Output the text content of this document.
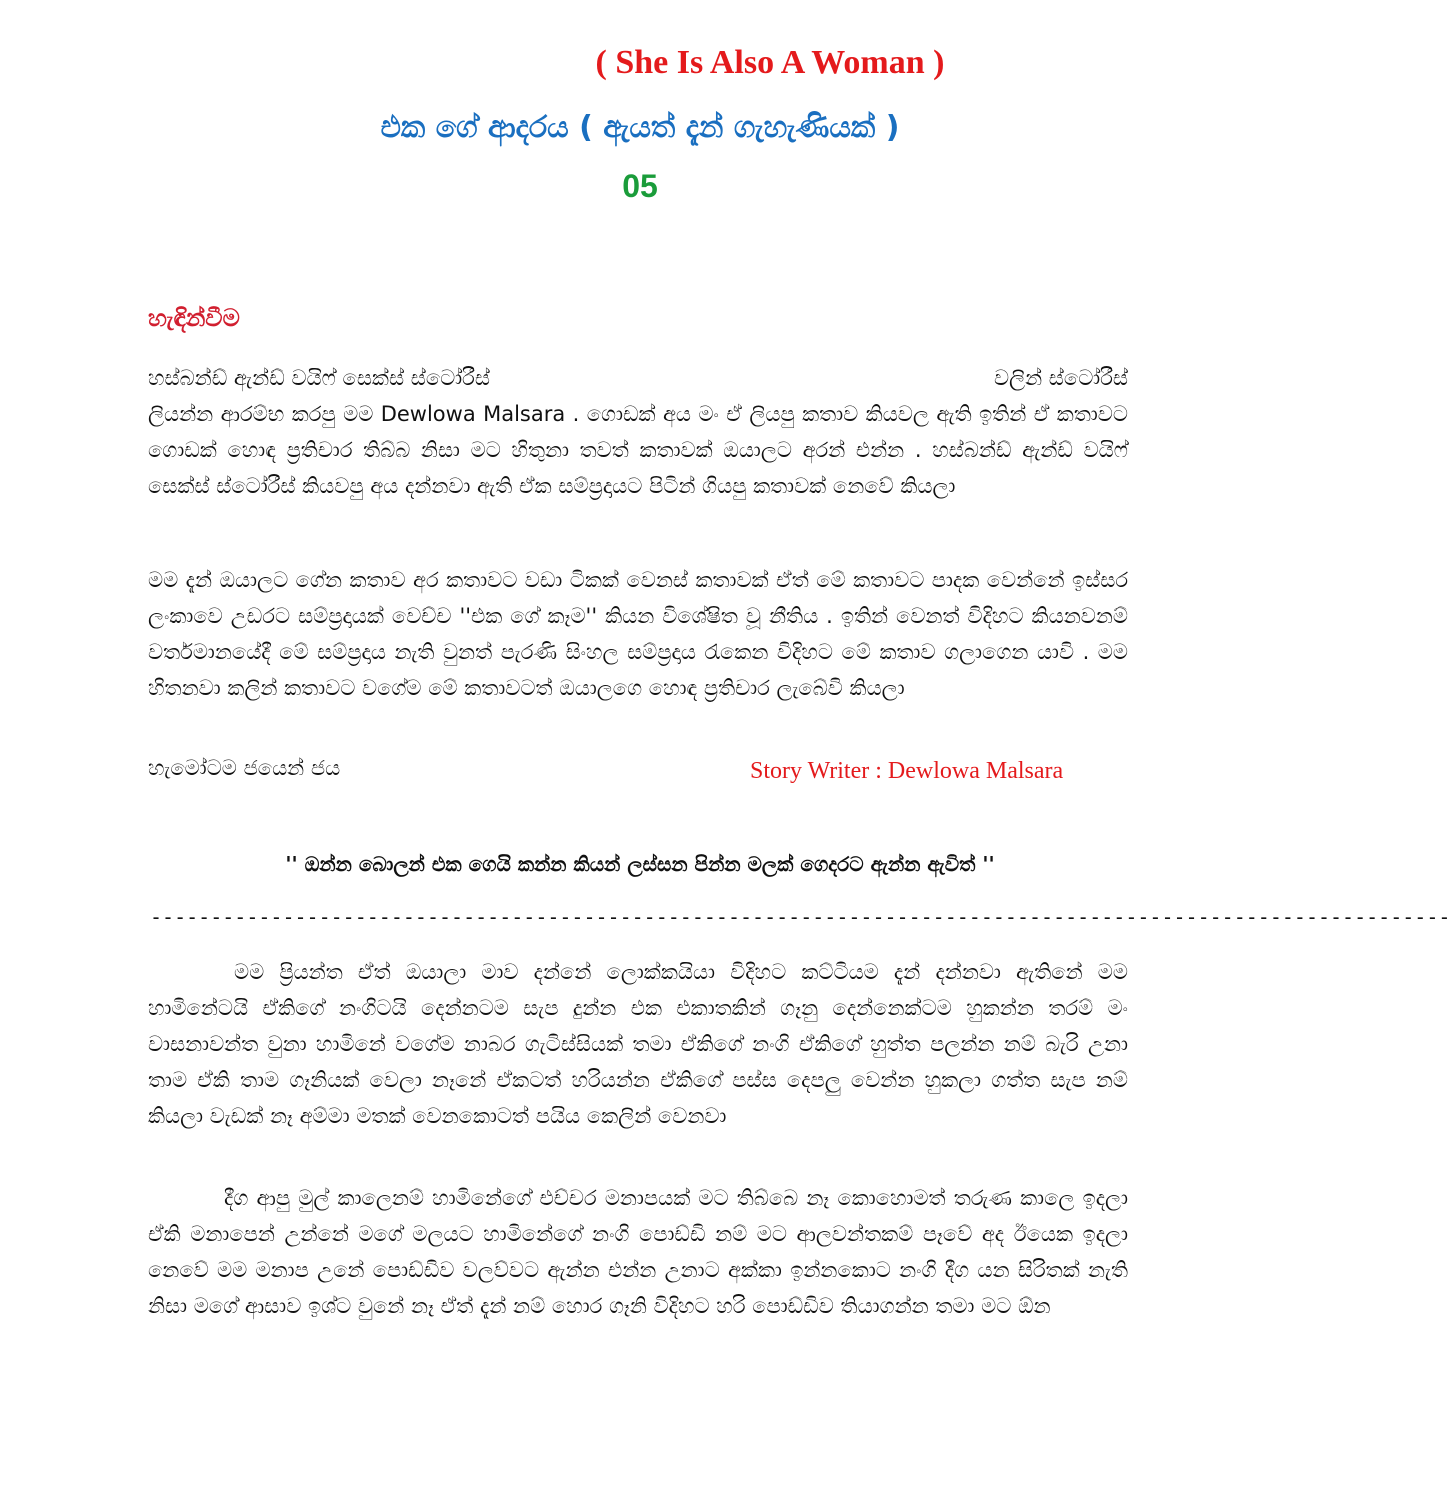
( She Is Also A Woman )
එක ගේ ආදරය ( ඇයත් දැන් ගැහැණියක් )
05
හැඳින්වීම
හස්බන්ඩ් ඇන්ඩ් වයිෆ් සෙක්ස් ස්ටෝරීස්	වලින් ස්ටෝරීස්
ලියන්න ආරම්භ කරපු මම Dewlowa Malsara . ගොඩක් අය මං ඒ ලියපු කතාව කියවල ඇති ඉතින් ඒ කතාවට ගොඩක් හොඳ ප්‍රතිචාර තිබ්බ නිසා මට හිතුනා තවත් කතාවක් ඔයාලට අරන් එන්න . හස්බන්ඩ් ඇන්ඩ් වයිෆ් සෙක්ස් ස්ටෝරීස් කියවපු අය දන්නවා ඇති ඒක සම්ප්‍රදායට පිටින් ගියපු කතාවක් නෙවේ කියලා
මම දැන් ඔයාලට ගේන කතාව අර කතාවට වඩා ටිකක් වෙනස් කතාවක් ඒත් මේ කතාවට පාදක වෙන්නේ ඉස්සර ලංකාවෙ උඩරට සම්ප්‍රදායක් වෙච්ච ''එක ගේ කෑම'' කියන විශේෂිත වූ නීතිය . ඉතින් වෙනත් විදිහට කියනවනම් වර්තමානයේදී මේ සම්ප්‍රදාය නැති වුනත් පැරණි සිංහල සම්ප්‍රදාය රැකෙන විදිහට මේ කතාව ගලාගෙන යාවි . මම හිතනවා කලින් කතාවට වගේම මේ කතාවටත් ඔයාලගෙ හොඳ ප්‍රතිචාර ලැබේවි කියලා
හැමෝටම ජයෙන් ජය	Story Writer : Dewlowa Malsara
'' ඔන්න බොලන් එක ගෙයි කන්න කියන් ලස්සන පින්න මලක් ගෙදරට ඇන්න ඇවිත් ''
------------------------------------------------------------------------------------------------------------
මම ප්‍රියන්ත ඒත් ඔයාලා මාව දන්නේ ලොක්කයියා විදිහට කට්ටියම දැන් දන්නවා ඇතිනේ මම හාමිනේටයි ඒකිගේ නංගිටයි දෙන්නටම සැප දුන්න එක එකාතකින් ගෑනු දෙන්නෙක්ටම හුකන්න තරම් මං වාසනාවන්ත වුනා හාමිනේ වගේම නාබර ගැටිස්සියක් තමා ඒකිගේ නංගි ඒකිගේ හුත්ත පලන්න නම් බැරි උනා තාම ඒකි තාම ගෑනියක් වෙලා නෑනේ ඒකටත් හරියන්න ඒකිගේ පස්ස දෙපලු වෙන්න හුකලා ගත්ත සැප නම් කියලා වැඩක් නෑ අම්මා මතක් වෙනකොටත් පයිය කෙලින් වෙනවා
දීග ආපු මුල් කාලෙනම් හාමිනේගේ එච්චර මනාපයක් මට තිබ්බෙ නෑ කොහොමත් තරුණ කාලෙ ඉදලා ඒකි මනාපෙන් උන්නේ මගේ මලයට හාමිනේගේ නංගි පොඩ්ඩි නම් මට ආලවන්තකම් පෑවේ අද ඊයෙක ඉදලා නෙවේ මම මනාප උනේ පොඩ්ඩිව වලව්වට ඇන්න එන්න උනාට අක්කා ඉන්නකොට නංගි දීග යන සිරිතක් නැති නිසා මගේ ආසාව ඉශ්ට වුනේ නෑ ඒත් දැන් නම් හොර ගෑනි විදිහට හරි පොඩ්ඩිව තියාගන්න තමා මට ඕන
